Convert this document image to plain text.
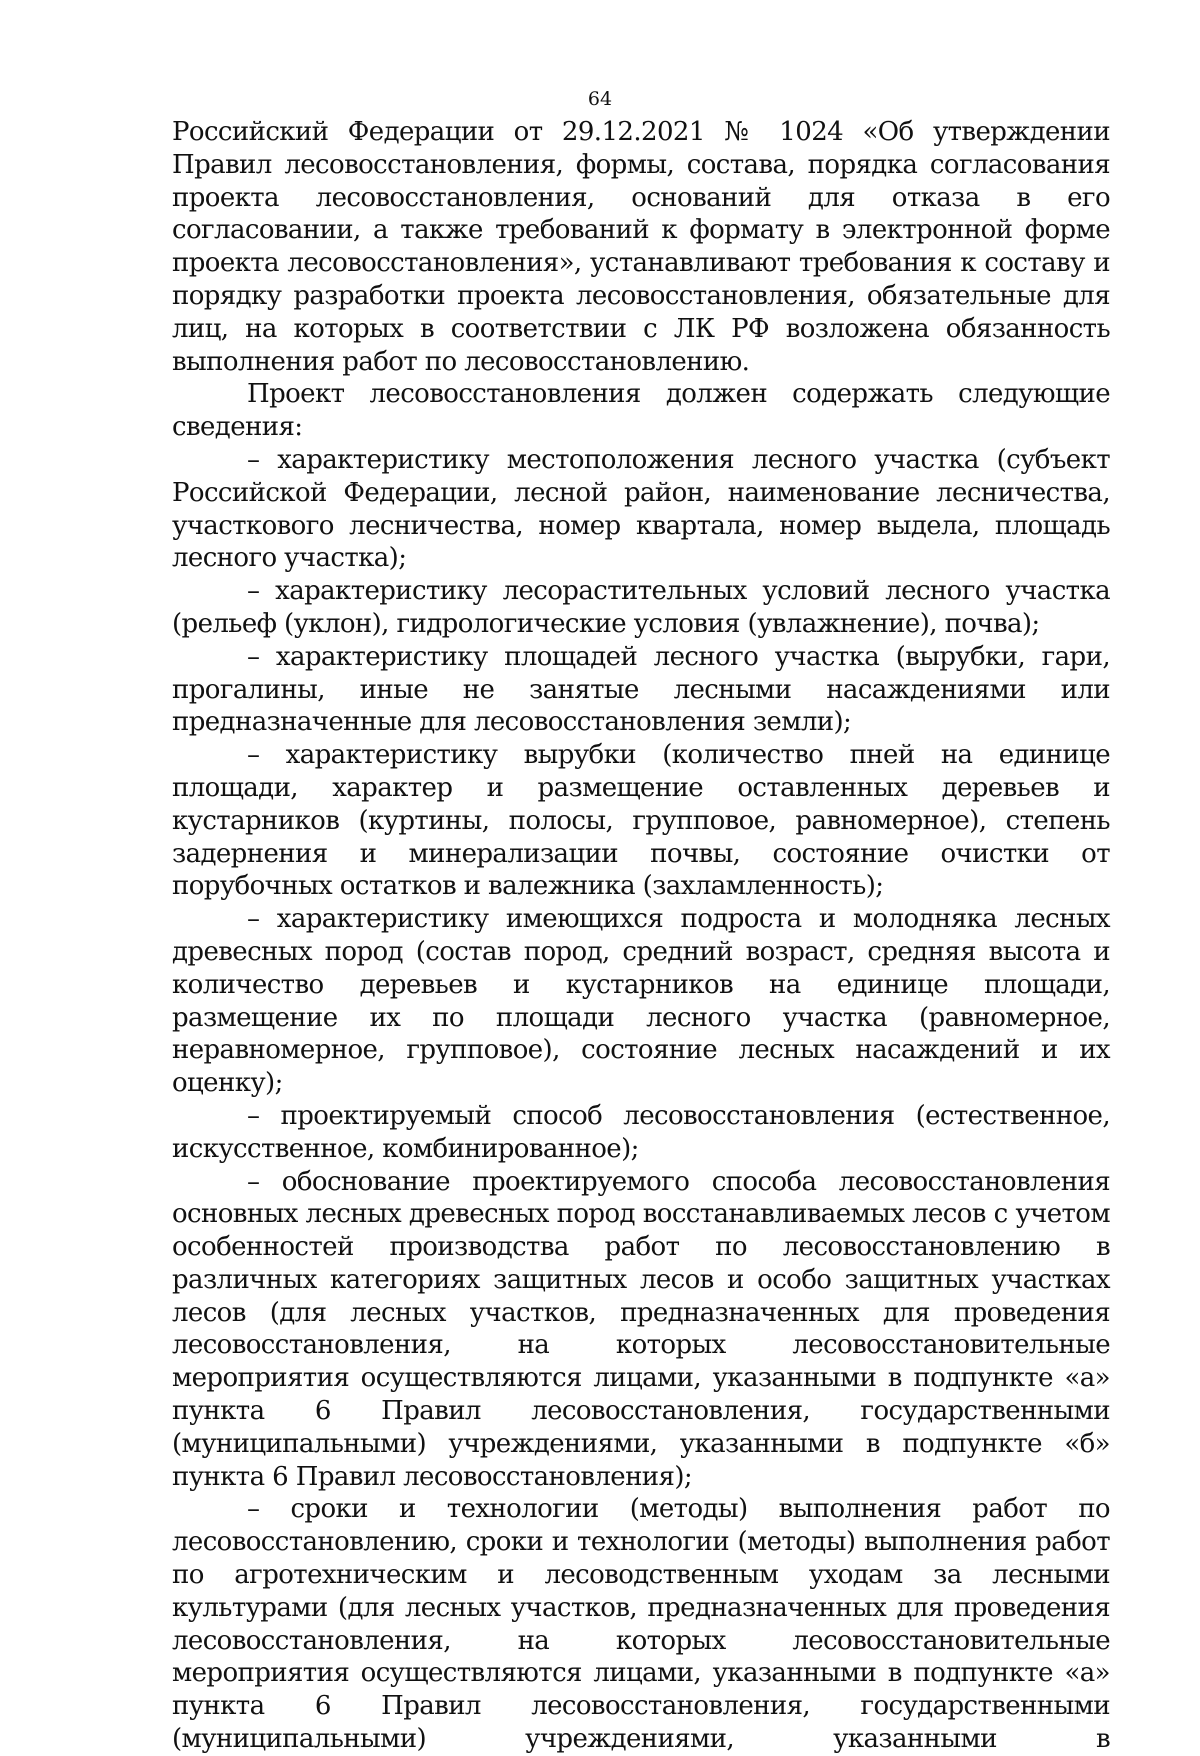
64

Российский Федерации от 29.12.2021 № 1024 «Об утверждении Правил лесовосстановления, формы, состава, порядка согласования проекта лесовосстановления, оснований для отказа в его согласовании, а также требований к формату в электронной форме проекта лесовосстановления», устанавливают требования к составу и порядку разработки проекта лесовосстановления, обязательные для лиц, на которых в соответствии с ЛК РФ возложена обязанность выполнения работ по лесовосстановлению.

Проект лесовосстановления должен содержать следующие сведения:

– характеристику местоположения лесного участка (субъект Российской Федерации, лесной район, наименование лесничества, участкового лесничества, номер квартала, номер выдела, площадь лесного участка);

– характеристику лесорастительных условий лесного участка (рельеф (уклон), гидрологические условия (увлажнение), почва);

– характеристику площадей лесного участка (вырубки, гари, прогалины, иные не занятые лесными насаждениями или предназначенные для лесовосстановления земли);

– характеристику вырубки (количество пней на единице площади, характер и размещение оставленных деревьев и кустарников (куртины, полосы, групповое, равномерное), степень задернения и минерализации почвы, состояние очистки от порубочных остатков и валежника (захламленность);

– характеристику имеющихся подроста и молодняка лесных древесных пород (состав пород, средний возраст, средняя высота и количество деревьев и кустарников на единице площади, размещение их по площади лесного участка (равномерное, неравномерное, групповое), состояние лесных насаждений и их оценку);

– проектируемый способ лесовосстановления (естественное, искусственное, комбинированное);

– обоснование проектируемого способа лесовосстановления основных лесных древесных пород восстанавливаемых лесов с учетом особенностей производства работ по лесовосстановлению в различных категориях защитных лесов и особо защитных участках лесов (для лесных участков, предназначенных для проведения лесовосстановления, на которых лесовосстановительные мероприятия осуществляются лицами, указанными в подпункте «а» пункта 6 Правил лесовосстановления, государственными (муниципальными) учреждениями, указанными в подпункте «б» пункта 6 Правил лесовосстановления);

– сроки и технологии (методы) выполнения работ по лесовосстановлению, сроки и технологии (методы) выполнения работ по агротехническим и лесоводственным уходам за лесными культурами (для лесных участков, предназначенных для проведения лесовосстановления, на которых лесовосстановительные мероприятия осуществляются лицами, указанными в подпункте «а» пункта 6 Правил лесовосстановления, государственными (муниципальными) учреждениями, указанными в
